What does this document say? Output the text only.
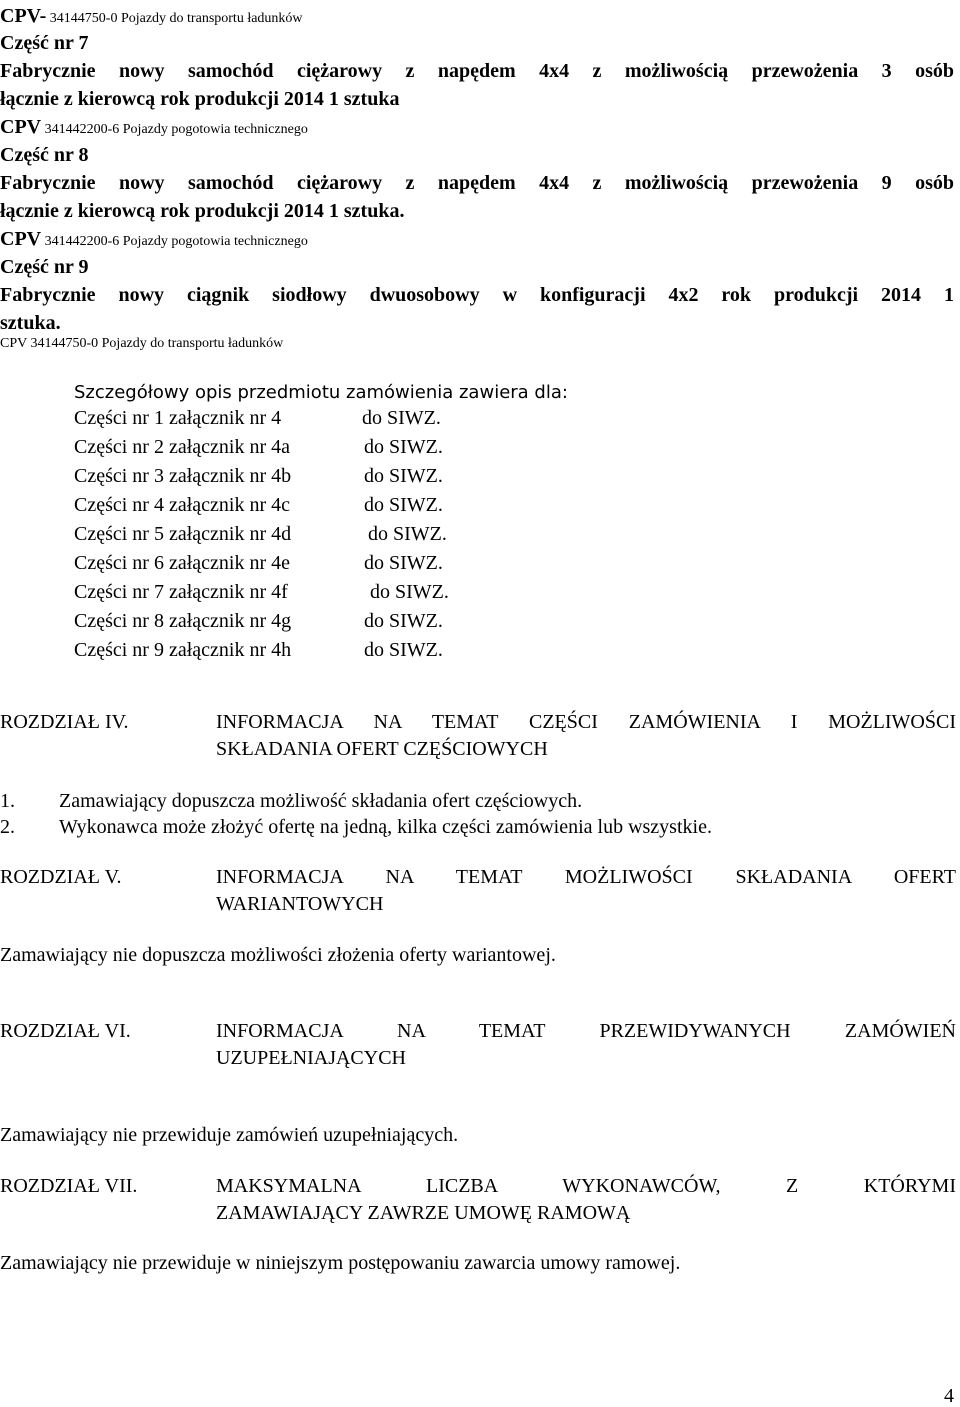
CPV- 34144750-0 Pojazdy do transportu ładunków
Część nr 7
Fabrycznie nowy samochód ciężarowy z napędem 4x4 z możliwością przewożenia 3 osób
łącznie z kierowcą rok produkcji 2014 1 sztuka
CPV 341442200-6 Pojazdy pogotowia technicznego
Część nr 8
Fabrycznie nowy samochód ciężarowy z napędem 4x4 z możliwością przewożenia 9 osób
łącznie z kierowcą rok produkcji 2014 1 sztuka.
CPV 341442200-6 Pojazdy pogotowia technicznego
Część nr 9
Fabrycznie nowy ciągnik siodłowy dwuosobowy w konfiguracji 4x2 rok produkcji 2014 1
sztuka.
CPV 34144750-0 Pojazdy do transportu ładunków
Szczegółowy opis przedmiotu zamówienia zawiera dla:
Części nr 1 załącznik nr 4	do SIWZ.
Części nr 2 załącznik nr 4a	do SIWZ.
Części nr 3 załącznik nr 4b	do SIWZ.
Części nr 4 załącznik nr 4c	do SIWZ.
Części nr 5 załącznik nr 4d	do SIWZ.
Części nr 6 załącznik nr 4e	do SIWZ.
Części nr 7 załącznik nr 4f	do SIWZ.
Części nr 8 załącznik nr 4g	do SIWZ.
Części nr 9 załącznik nr 4h	do SIWZ.
ROZDZIAŁ IV.	INFORMACJA NA TEMAT CZĘŚCI ZAMÓWIENIA I MOŻLIWOŚCI
SKŁADANIA OFERT CZĘŚCIOWYCH
1. Zamawiający dopuszcza możliwość składania ofert częściowych.
2. Wykonawca może złożyć ofertę na jedną, kilka części zamówienia lub wszystkie.
ROZDZIAŁ V.	INFORMACJA NA TEMAT MOŻLIWOŚCI SKŁADANIA OFERT
WARIANTOWYCH
Zamawiający nie dopuszcza możliwości złożenia oferty wariantowej.
ROZDZIAŁ VI.	INFORMACJA NA TEMAT PRZEWIDYWANYCH ZAMÓWIEŃ
UZUPEŁNIAJĄCYCH
Zamawiający nie przewiduje zamówień uzupełniających.
ROZDZIAŁ VII.	MAKSYMALNA LICZBA WYKONAWCÓW, Z KTÓRYMI
ZAMAWIAJĄCY ZAWRZE UMOWĘ RAMOWĄ
Zamawiający nie przewiduje w niniejszym postępowaniu zawarcia umowy ramowej.
4
